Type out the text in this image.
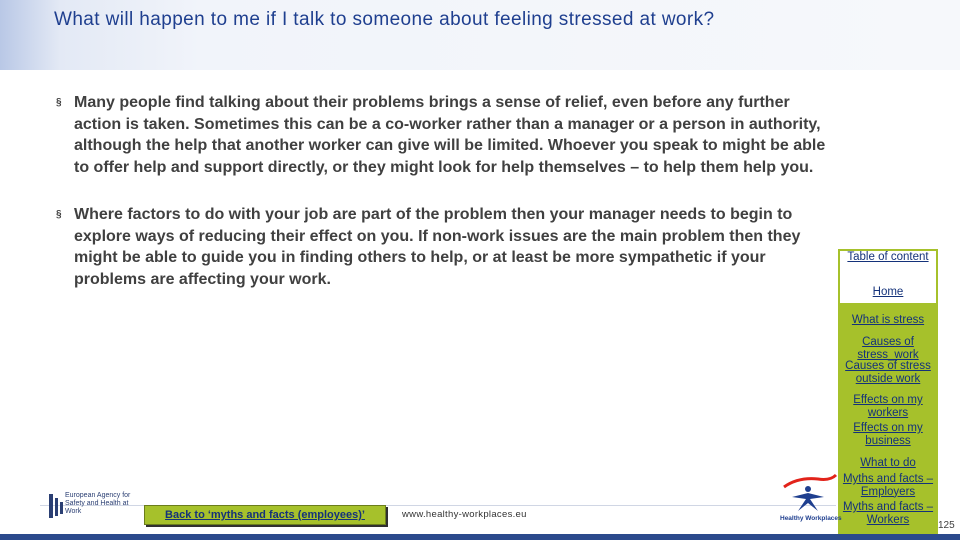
What will happen to me if I talk to someone about feeling stressed at work?

§ Many people find talking about their problems brings a sense of relief, even before any further action is taken. Sometimes this can be a co-worker rather than a manager or a person in authority, although the help that another worker can give will be limited. Whoever you speak to might be able to offer help and support directly, or they might look for help themselves – to help them help you.

§ Where factors to do with your job are part of the problem then your manager needs to begin to explore ways of reducing their effect on you. If non-work issues are the main problem then they might be able to guide you in finding others to help, or at least be more sympathetic if your problems are affecting your work.

Table of content
Home
What is stress
Causes of stress_work
Causes of stress outside work
Effects on my workers
Effects on my business
What to do
Myths and facts – Employers
Myths and facts – Workers
European Agency for Safety and Health at Work	Back to ‘myths and facts (employees)’	www.healthy-workplaces.eu	Healthy Workplaces
125
